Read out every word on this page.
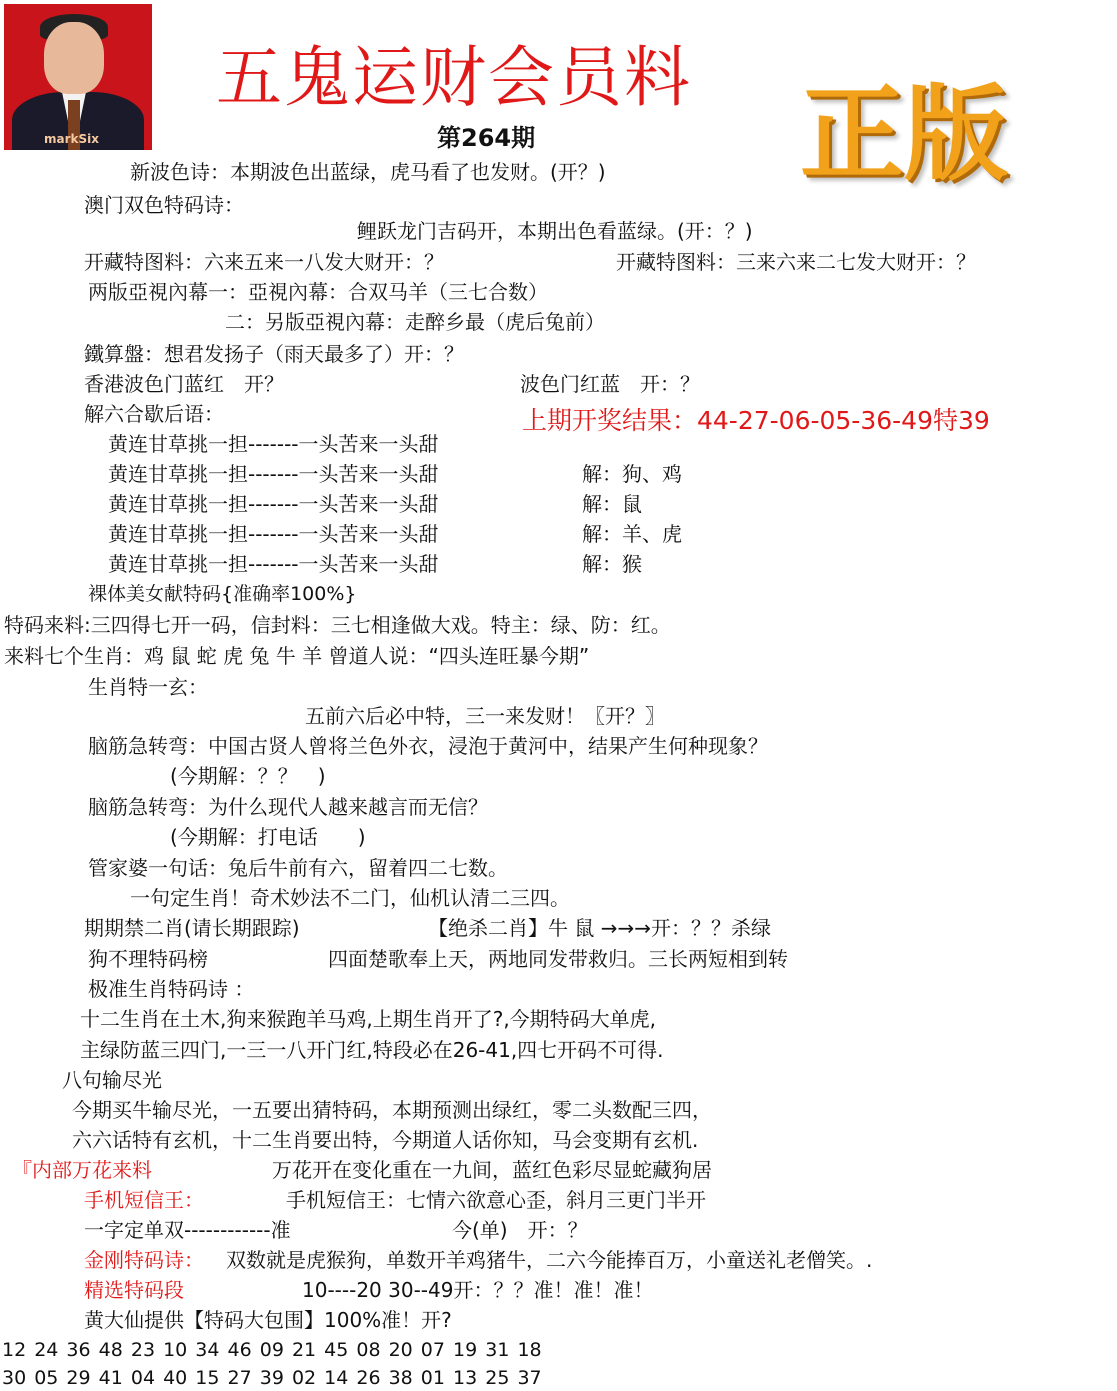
markSix
五鬼运财会员料 正版
第264期
新波色诗：本期波色出蓝绿，虎马看了也发财。(开？)
澳门双色特码诗：
鲤跃龙门吉码开，本期出色看蓝绿。(开：？)
开藏特图料：六来五来一八发大财开：？	开藏特图料：三来六来二七发大财开：？
两版亞視內幕一：亞視內幕：合双马羊（三七合数）
二：另版亞視內幕：走醉乡最（虎后兔前）
鐵算盤：想君发扬子（雨天最多了）开：？
香港波色门蓝红　开？	波色门红蓝　开：？
解六合歇后语：	上期开奖结果：44-27-06-05-36-49特39
黄连甘草挑一担-------一头苦来一头甜
黄连甘草挑一担-------一头苦来一头甜	解：狗、鸡
黄连甘草挑一担-------一头苦来一头甜	解：鼠
黄连甘草挑一担-------一头苦来一头甜	解：羊、虎
黄连甘草挑一担-------一头苦来一头甜	解：猴
裸体美女献特码{准确率100%}
特码来料:三四得七开一码，信封料：三七相逢做大戏。特主：绿、防：红。
来料七个生肖：鸡 鼠 蛇 虎 兔 牛 羊 曾道人说：“四头连旺暴今期”
生肖特一玄：
五前六后必中特，三一来发财！〖开？〗
脑筋急转弯：中国古贤人曾将兰色外衣，浸泡于黄河中，结果产生何种现象？
(今期解：？？　)
脑筋急转弯：为什么现代人越来越言而无信？
(今期解：打电话　　)
管家婆一句话：兔后牛前有六，留着四二七数。
一句定生肖！奇术妙法不二门，仙机认清二三四。
期期禁二肖(请长期跟踪)	【绝杀二肖】牛 鼠 →→→开：？？杀绿
狗不理特码榜	四面楚歌奉上天，两地同发带救归。三长两短相到转
极准生肖特码诗 ：
十二生肖在土木,狗来猴跑羊马鸡,上期生肖开了?,今期特码大单虎,
主绿防蓝三四门,一三一八开门红,特段必在26-41,四七开码不可得.
八句输尽光
今期买牛输尽光，一五要出猜特码，本期预测出绿红，零二头数配三四，
六六话特有玄机，十二生肖要出特，今期道人话你知，马会变期有玄机.
『内部万花来料	万花开在变化重在一九间，蓝红色彩尽显蛇藏狗居
手机短信王：	手机短信王：七情六欲意心歪，斜月三更门半开
一字定单双------------准	今(单)　开：？
金刚特码诗： 双数就是虎猴狗，单数开羊鸡猪牛，二六今能捧百万，小童送礼老僧笑。.
精选特码段	10----20 30--49开：？？准！准！准！
黄大仙提供【特码大包围】100%准！开?
12 24 36 48 23 10 34 46 09 21 45 08 20 07 19 31 18
30 05 29 41 04 40 15 27 39 02 14 26 38 01 13 25 37
